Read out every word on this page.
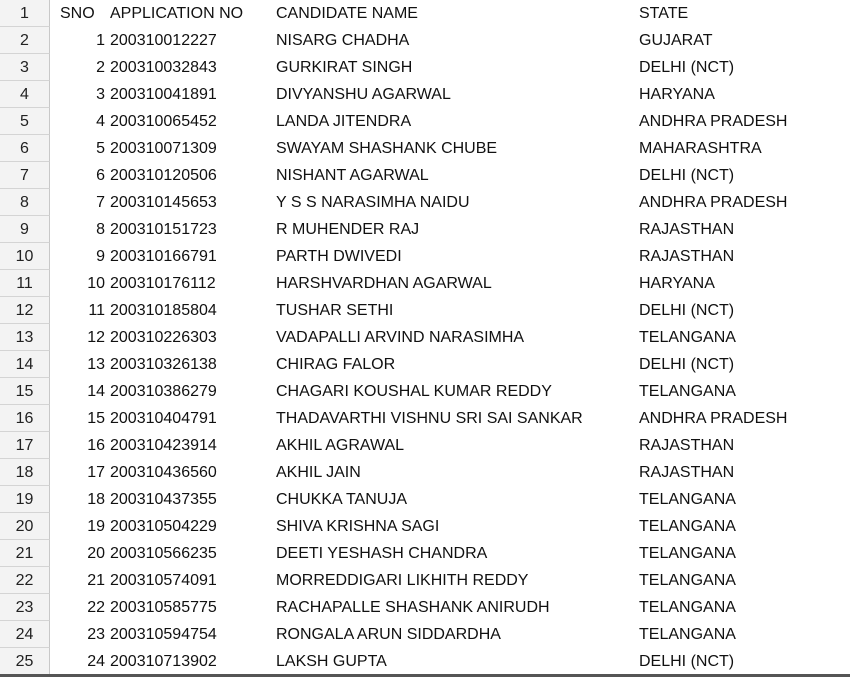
1	SNO APPLICATION NO	CANDIDATE NAME	STATE
2	1 200310012227	NISARG CHADHA	GUJARAT
3	2 200310032843	GURKIRAT SINGH	DELHI (NCT)
4	3 200310041891	DIVYANSHU AGARWAL	HARYANA
5	4 200310065452	LANDA JITENDRA	ANDHRA PRADESH
6	5 200310071309	SWAYAM SHASHANK CHUBE	MAHARASHTRA
7	6 200310120506	NISHANT AGARWAL	DELHI (NCT)
8	7 200310145653	Y S S NARASIMHA NAIDU	ANDHRA PRADESH
9	8 200310151723	R MUHENDER RAJ	RAJASTHAN
10	9 200310166791	PARTH DWIVEDI	RAJASTHAN
11	10 200310176112	HARSHVARDHAN AGARWAL	HARYANA
12	11 200310185804	TUSHAR SETHI	DELHI (NCT)
13	12 200310226303	VADAPALLI ARVIND NARASIMHA	TELANGANA
14	13 200310326138	CHIRAG FALOR	DELHI (NCT)
15	14 200310386279	CHAGARI KOUSHAL KUMAR REDDY	TELANGANA
16	15 200310404791	THADAVARTHI VISHNU SRI SAI SANKAR	ANDHRA PRADESH
17	16 200310423914	AKHIL AGRAWAL	RAJASTHAN
18	17 200310436560	AKHIL JAIN	RAJASTHAN
19	18 200310437355	CHUKKA TANUJA	TELANGANA
20	19 200310504229	SHIVA KRISHNA SAGI	TELANGANA
21	20 200310566235	DEETI YESHASH CHANDRA	TELANGANA
22	21 200310574091	MORREDDIGARI LIKHITH REDDY	TELANGANA
23	22 200310585775	RACHAPALLE SHASHANK ANIRUDH	TELANGANA
24	23 200310594754	RONGALA ARUN SIDDARDHA	TELANGANA
25	24 200310713902	LAKSH GUPTA	DELHI (NCT)
